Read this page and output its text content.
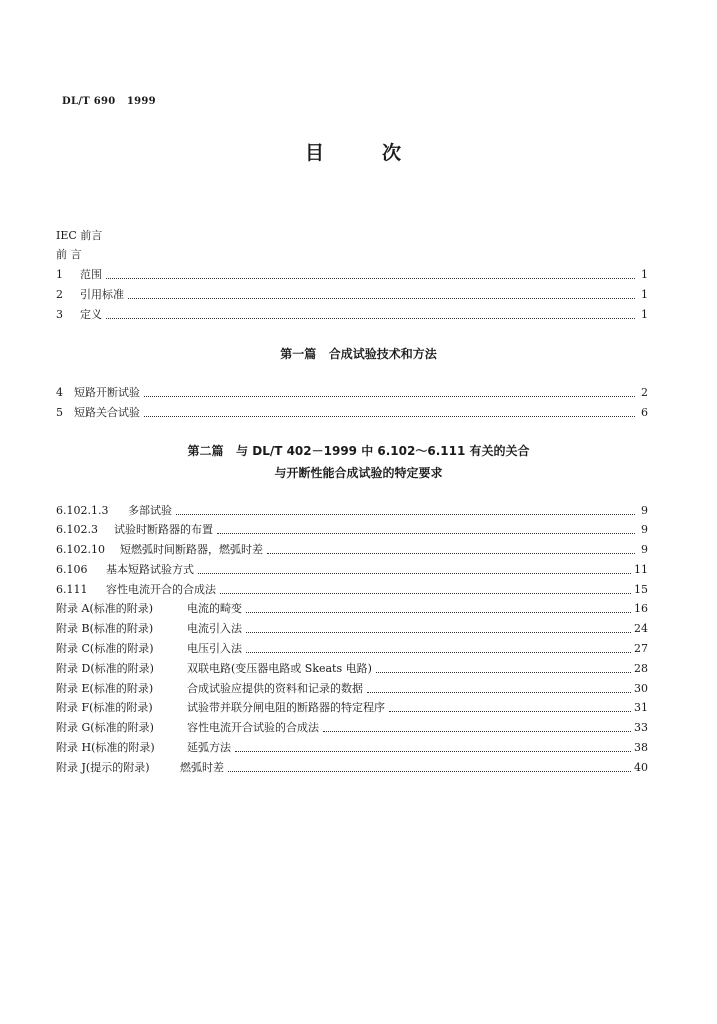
DL/T 690   1999
目次
IEC 前言
前 言
1	范围	1
2	引用标准	1
3	定义	1
第一篇   合成试验技术和方法
4	短路开断试验	2
5	短路关合试验	6
第二篇   与 DL/T 402－1999 中 6.102～6.111 有关的关合
与开断性能合成试验的特定要求
6.102.1.3	多部试验	9
6.102.3	试验时断路器的布置	9
6.102.10	短燃弧时间断路器，燃弧时差	9
6.106	基本短路试验方式	11
6.111	容性电流开合的合成法	15
附录 A(标准的附录)	电流的畸变	16
附录 B(标准的附录)	电流引入法	24
附录 C(标准的附录)	电压引入法	27
附录 D(标准的附录)	双联电路(变压器电路或 Skeats 电路)	28
附录 E(标准的附录)	合成试验应提供的资料和记录的数据	30
附录 F(标准的附录)	试验带并联分闸电阻的断路器的特定程序	31
附录 G(标准的附录)	容性电流开合试验的合成法	33
附录 H(标准的附录)	延弧方法	38
附录 J(提示的附录)	燃弧时差	40
